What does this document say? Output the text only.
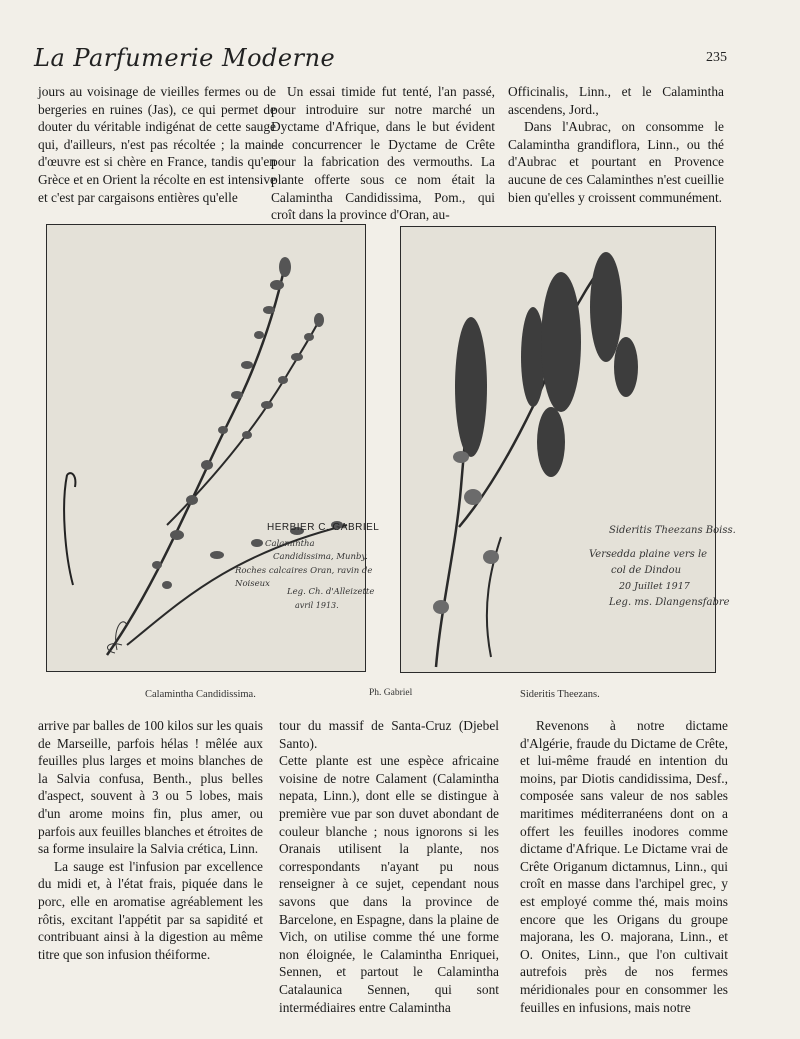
La Parfumerie Moderne	235

jours au voisinage de vieilles fermes ou de bergeries en ruines (Jas), ce qui permet de douter du véritable indigénat de cette sauge qui, d'ailleurs, n'est pas récoltée ; la main-d'œuvre est si chère en France, tandis qu'en Grèce et en Orient la récolte en est intensive et c'est par cargaisons entières qu'elle

Un essai timide fut tenté, l'an passé, pour introduire sur notre marché un Dyctame d'Afrique, dans le but évident de concurrencer le Dyctame de Crête pour la fabrication des vermouths. La plante offerte sous ce nom était la Calamintha Candidissima, Pom., qui croît dans la province d'Oran, au-

Officinalis, Linn., et le Calamintha ascendens, Jord.,

Dans l'Aubrac, on consomme le Calamintha grandiflora, Linn., ou thé d'Aubrac et pourtant en Provence aucune de ces Calaminthes n'est cueillie bien qu'elles y croissent communément.

HERBIER C. GABRIEL
Calamintha
Candidissima, Munby.
Roches calcaires Oran, ravin de
Noiseux
Leg. Ch. d'Alleizette
avril 1913.
Sideritis Theezans Boiss.
Versedda plaine vers le
col de Dindou
20 Juillet 1917
Leg. ms. Dlangensfabre
Calamintha Candidissima.	Ph. Gabriel	Sideritis Theezans.

arrive par balles de 100 kilos sur les quais de Marseille, parfois hélas ! mêlée aux feuilles plus larges et moins blanches de la Salvia confusa, Benth., plus belles d'aspect, souvent à 3 ou 5 lobes, mais d'un arome moins fin, plus amer, ou parfois aux feuilles blanches et étroites de sa forme insulaire la Salvia crética, Linn.

La sauge est l'infusion par excellence du midi et, à l'état frais, piquée dans le porc, elle en aromatise agréablement les rôtis, excitant l'appétit par sa sapidité et contribuant ainsi à la digestion au même titre que son infusion théiforme.

tour du massif de Santa-Cruz (Djebel Santo).

Cette plante est une espèce africaine voisine de notre Calament (Calamintha nepata, Linn.), dont elle se distingue à première vue par son duvet abondant de couleur blanche ; nous ignorons si les Oranais utilisent la plante, nos correspondants n'ayant pu nous renseigner à ce sujet, cependant nous savons que dans la province de Barcelone, en Espagne, dans la plaine de Vich, on utilise comme thé une forme non éloignée, le Calamintha Enriquei, Sennen, et partout le Calamintha Catalaunica Sennen, qui sont intermédiaires entre Calamintha

Revenons à notre dictame d'Algérie, fraude du Dictame de Crête, et lui-même fraudé en intention du moins, par Diotis candidissima, Desf., composée sans valeur de nos sables maritimes méditerranéens dont on a offert les feuilles inodores comme dictame d'Afrique. Le Dictame vrai de Crête Origanum dictamnus, Linn., qui croît en masse dans l'archipel grec, y est employé comme thé, mais moins encore que les Origans du groupe majorana, les O. majorana, Linn., et O. Onites, Linn., que l'on cultivait autrefois près de nos fermes méridionales pour en consommer les feuilles en infusions, mais notre
